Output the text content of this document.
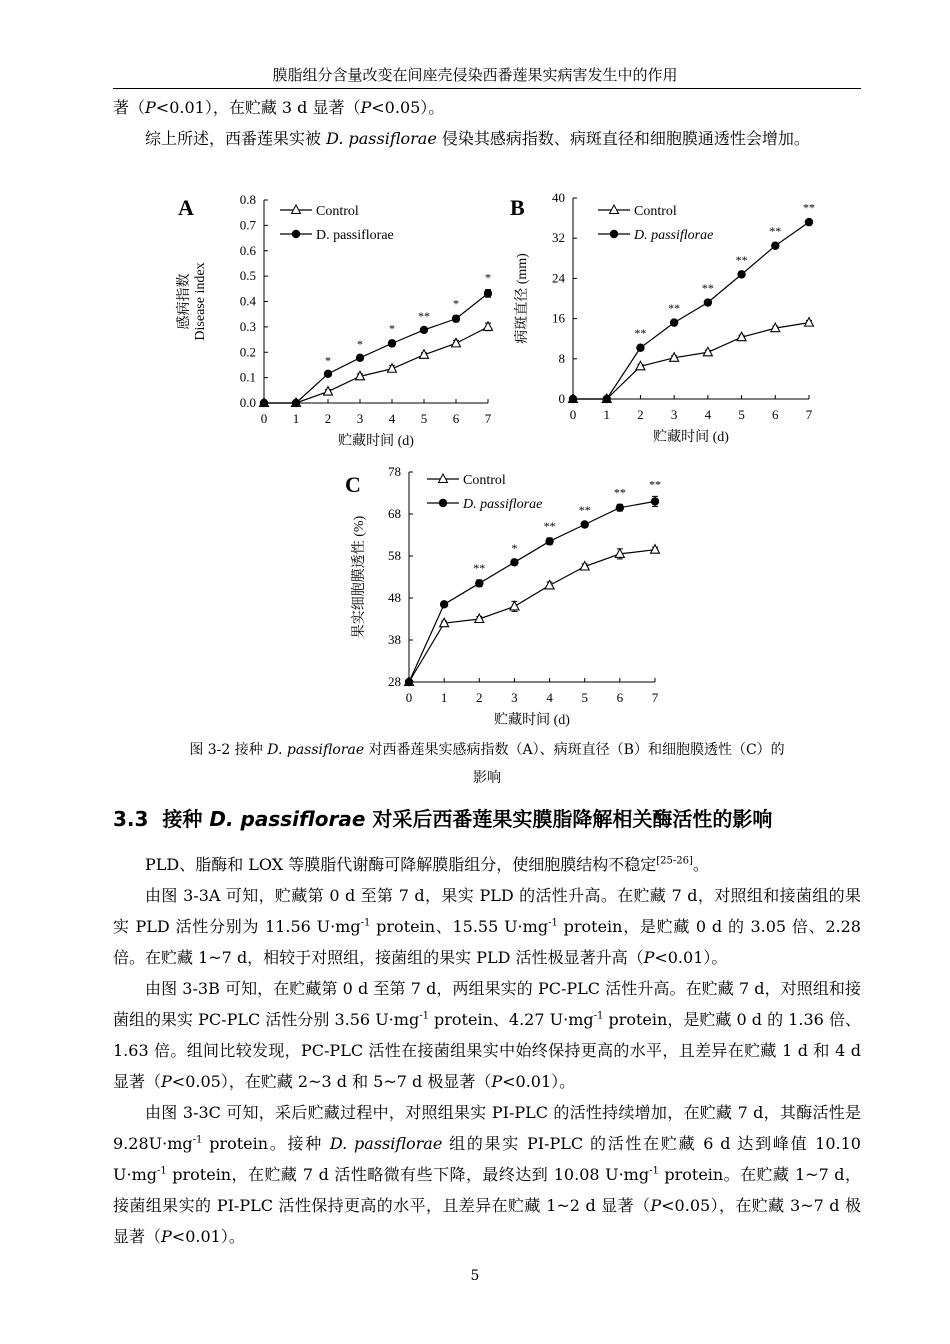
膜脂组分含量改变在间座壳侵染西番莲果实病害发生中的作用
著（P<0.01），在贮藏 3 d 显著（P<0.05）。
综上所述，西番莲果实被 D. passiflorae 侵染其感病指数、病斑直径和细胞膜通透性会增加。
A
0.0
0.1
0.2
0.3
0.4
0.5
0.6
0.7
0.8
0 1 2 3 4 5 6 7
贮藏时间 (d)
感病指数 Disease index
*
*
*
**
*
*
Control
D. passiflorae
B
0
8
16
24
32
40
0 1 2 3 4 5 6 7
贮藏时间 (d)
病斑直径 (mm)	**
**
**
**
**
**
Control
D. passiflorae
C
28
38
48
58
68
78
0 1 2 3 4 5 6 7
贮藏时间 (d)
果实细胞膜透性 (%)	**
*
**
**
**
**
Control
D. passiflorae
图 3-2 接种 D. passiflorae 对西番莲果实感病指数（A）、病斑直径（B）和细胞膜透性（C）的
影响
3.3 接种 D. passiflorae 对采后西番莲果实膜脂降解相关酶活性的影响
PLD、脂酶和 LOX 等膜脂代谢酶可降解膜脂组分，使细胞膜结构不稳定[25-26]。
由图 3-3A 可知，贮藏第 0 d 至第 7 d，果实 PLD 的活性升高。在贮藏 7 d，对照组和接菌组的果实 PLD 活性分别为 11.56 $U\cdot mg^{-1}$ protein、15.55 $U\cdot mg^{-1}$ protein，是贮藏 0 d 的 3.05 倍、2.28 倍。在贮藏 1~7 d，相较于对照组，接菌组的果实 PLD 活性极显著升高（P<0.01）。
由图 3-3B 可知，在贮藏第 0 d 至第 7 d，两组果实的 PC-PLC 活性升高。在贮藏 7 d，对照组和接菌组的果实 PC-PLC 活性分别 3.56 $U\cdot mg^{-1}$ protein、4.27 $U\cdot mg^{-1}$ protein，是贮藏 0 d 的 1.36 倍、1.63 倍。组间比较发现，PC-PLC 活性在接菌组果实中始终保持更高的水平，且差异在贮藏 1 d 和 4 d 显著（P<0.05），在贮藏 2~3 d 和 5~7 d 极显著（P<0.01）。
由图 3-3C 可知，采后贮藏过程中，对照组果实 PI-PLC 的活性持续增加，在贮藏 7 d，其酶活性是 $9.28U\cdot mg^{-1}$ protein。接种 D. passiflorae 组的果实 PI-PLC 的活性在贮藏 6 d 达到峰值 10.10 $U\cdot mg^{-1}$ protein，在贮藏 7 d 活性略微有些下降，最终达到 10.08 $U\cdot mg^{-1}$ protein。在贮藏 1~7 d，接菌组果实的 PI-PLC 活性保持更高的水平，且差异在贮藏 1~2 d 显著（P<0.05），在贮藏 3~7 d 极显著（P<0.01）。
5
